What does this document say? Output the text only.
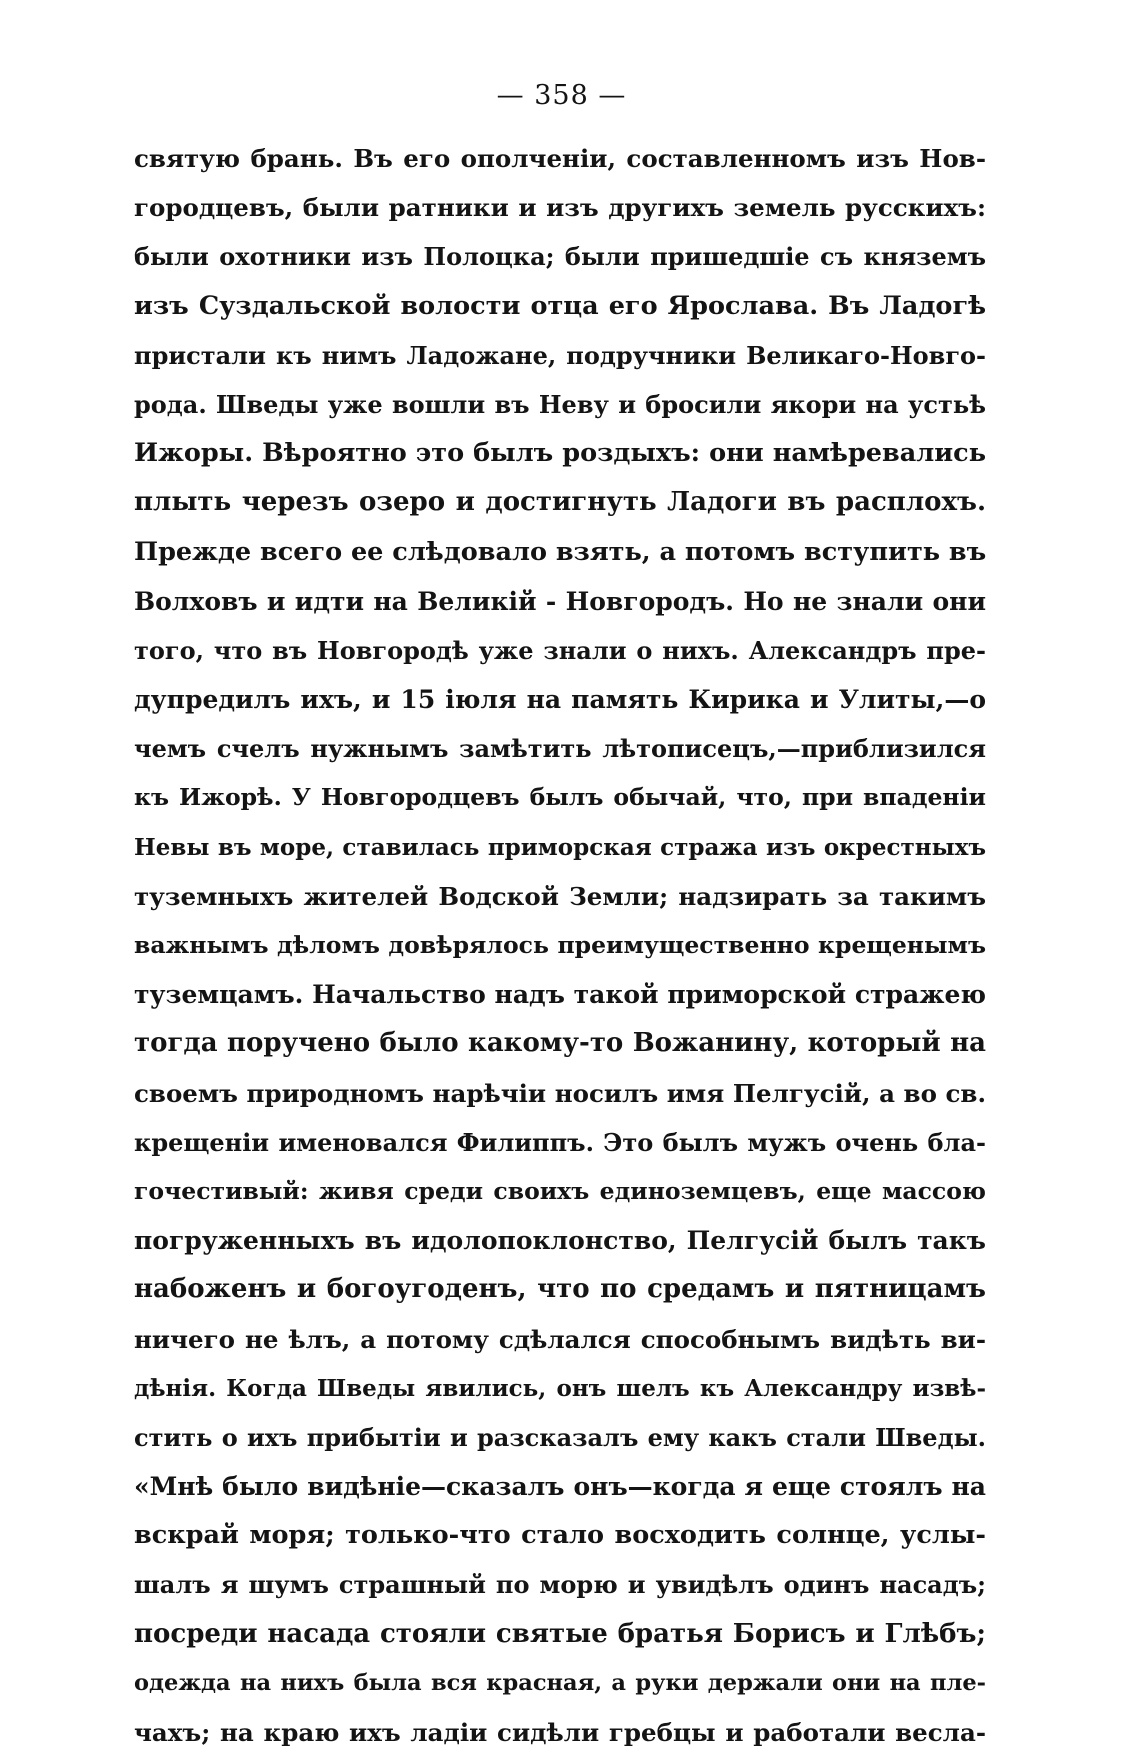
— 358 —
святую брань. Въ его ополченіи, составленномъ изъ Нов-
городцевъ, были ратники и изъ другихъ земель русскихъ:
были охотники изъ Полоцка; были пришедшіе съ княземъ
изъ Суздальской волости отца его Ярослава. Въ Ладогѣ
пристали къ нимъ Ладожане, подручники Великаго-Новго-
рода. Шведы уже вошли въ Неву и бросили якори на устьѣ
Ижоры. Вѣроятно это былъ роздыхъ: они намѣревались
плыть черезъ озеро и достигнуть Ладоги въ расплохъ.
Прежде всего ее слѣдовало взять, а потомъ вступить въ
Волховъ и идти на Великій - Новгородъ. Но не знали они
того, что въ Новгородѣ уже знали о нихъ. Александръ пре-
дупредилъ ихъ, и 15 іюля на память Кирика и Улиты,—о
чемъ счелъ нужнымъ замѣтить лѣтописецъ,—приблизился
къ Ижорѣ. У Новгородцевъ былъ обычай, что, при впаденіи
Невы въ море, ставилась приморская стража изъ окрестныхъ
туземныхъ жителей Водской Земли; надзирать за такимъ
важнымъ дѣломъ довѣрялось преимущественно крещенымъ
туземцамъ. Начальство надъ такой приморской стражею
тогда поручено было какому-то Вожанину, который на
своемъ природномъ нарѣчіи носилъ имя Пелгусій, а во св.
крещеніи именовался Филиппъ. Это былъ мужъ очень бла-
гочестивый: живя среди своихъ единоземцевъ, еще массою
погруженныхъ въ идолопоклонство, Пелгусій былъ такъ
набоженъ и богоугоденъ, что по средамъ и пятницамъ
ничего не ѣлъ, а потому сдѣлался способнымъ видѣть ви-
дѣнія. Когда Шведы явились, онъ шелъ къ Александру извѣ-
стить о ихъ прибытіи и разсказалъ ему какъ стали Шведы.
«Мнѣ было видѣніе—сказалъ онъ—когда я еще стоялъ на
вскрай моря; только-что стало восходить солнце, услы-
шалъ я шумъ страшный по морю и увидѣлъ одинъ насадъ;
посреди насада стояли святые братья Борисъ и Глѣбъ;
одежда на нихъ была вся красная, а руки держали они на пле-
чахъ; на краю ихъ ладіи сидѣли гребцы и работали весла-
